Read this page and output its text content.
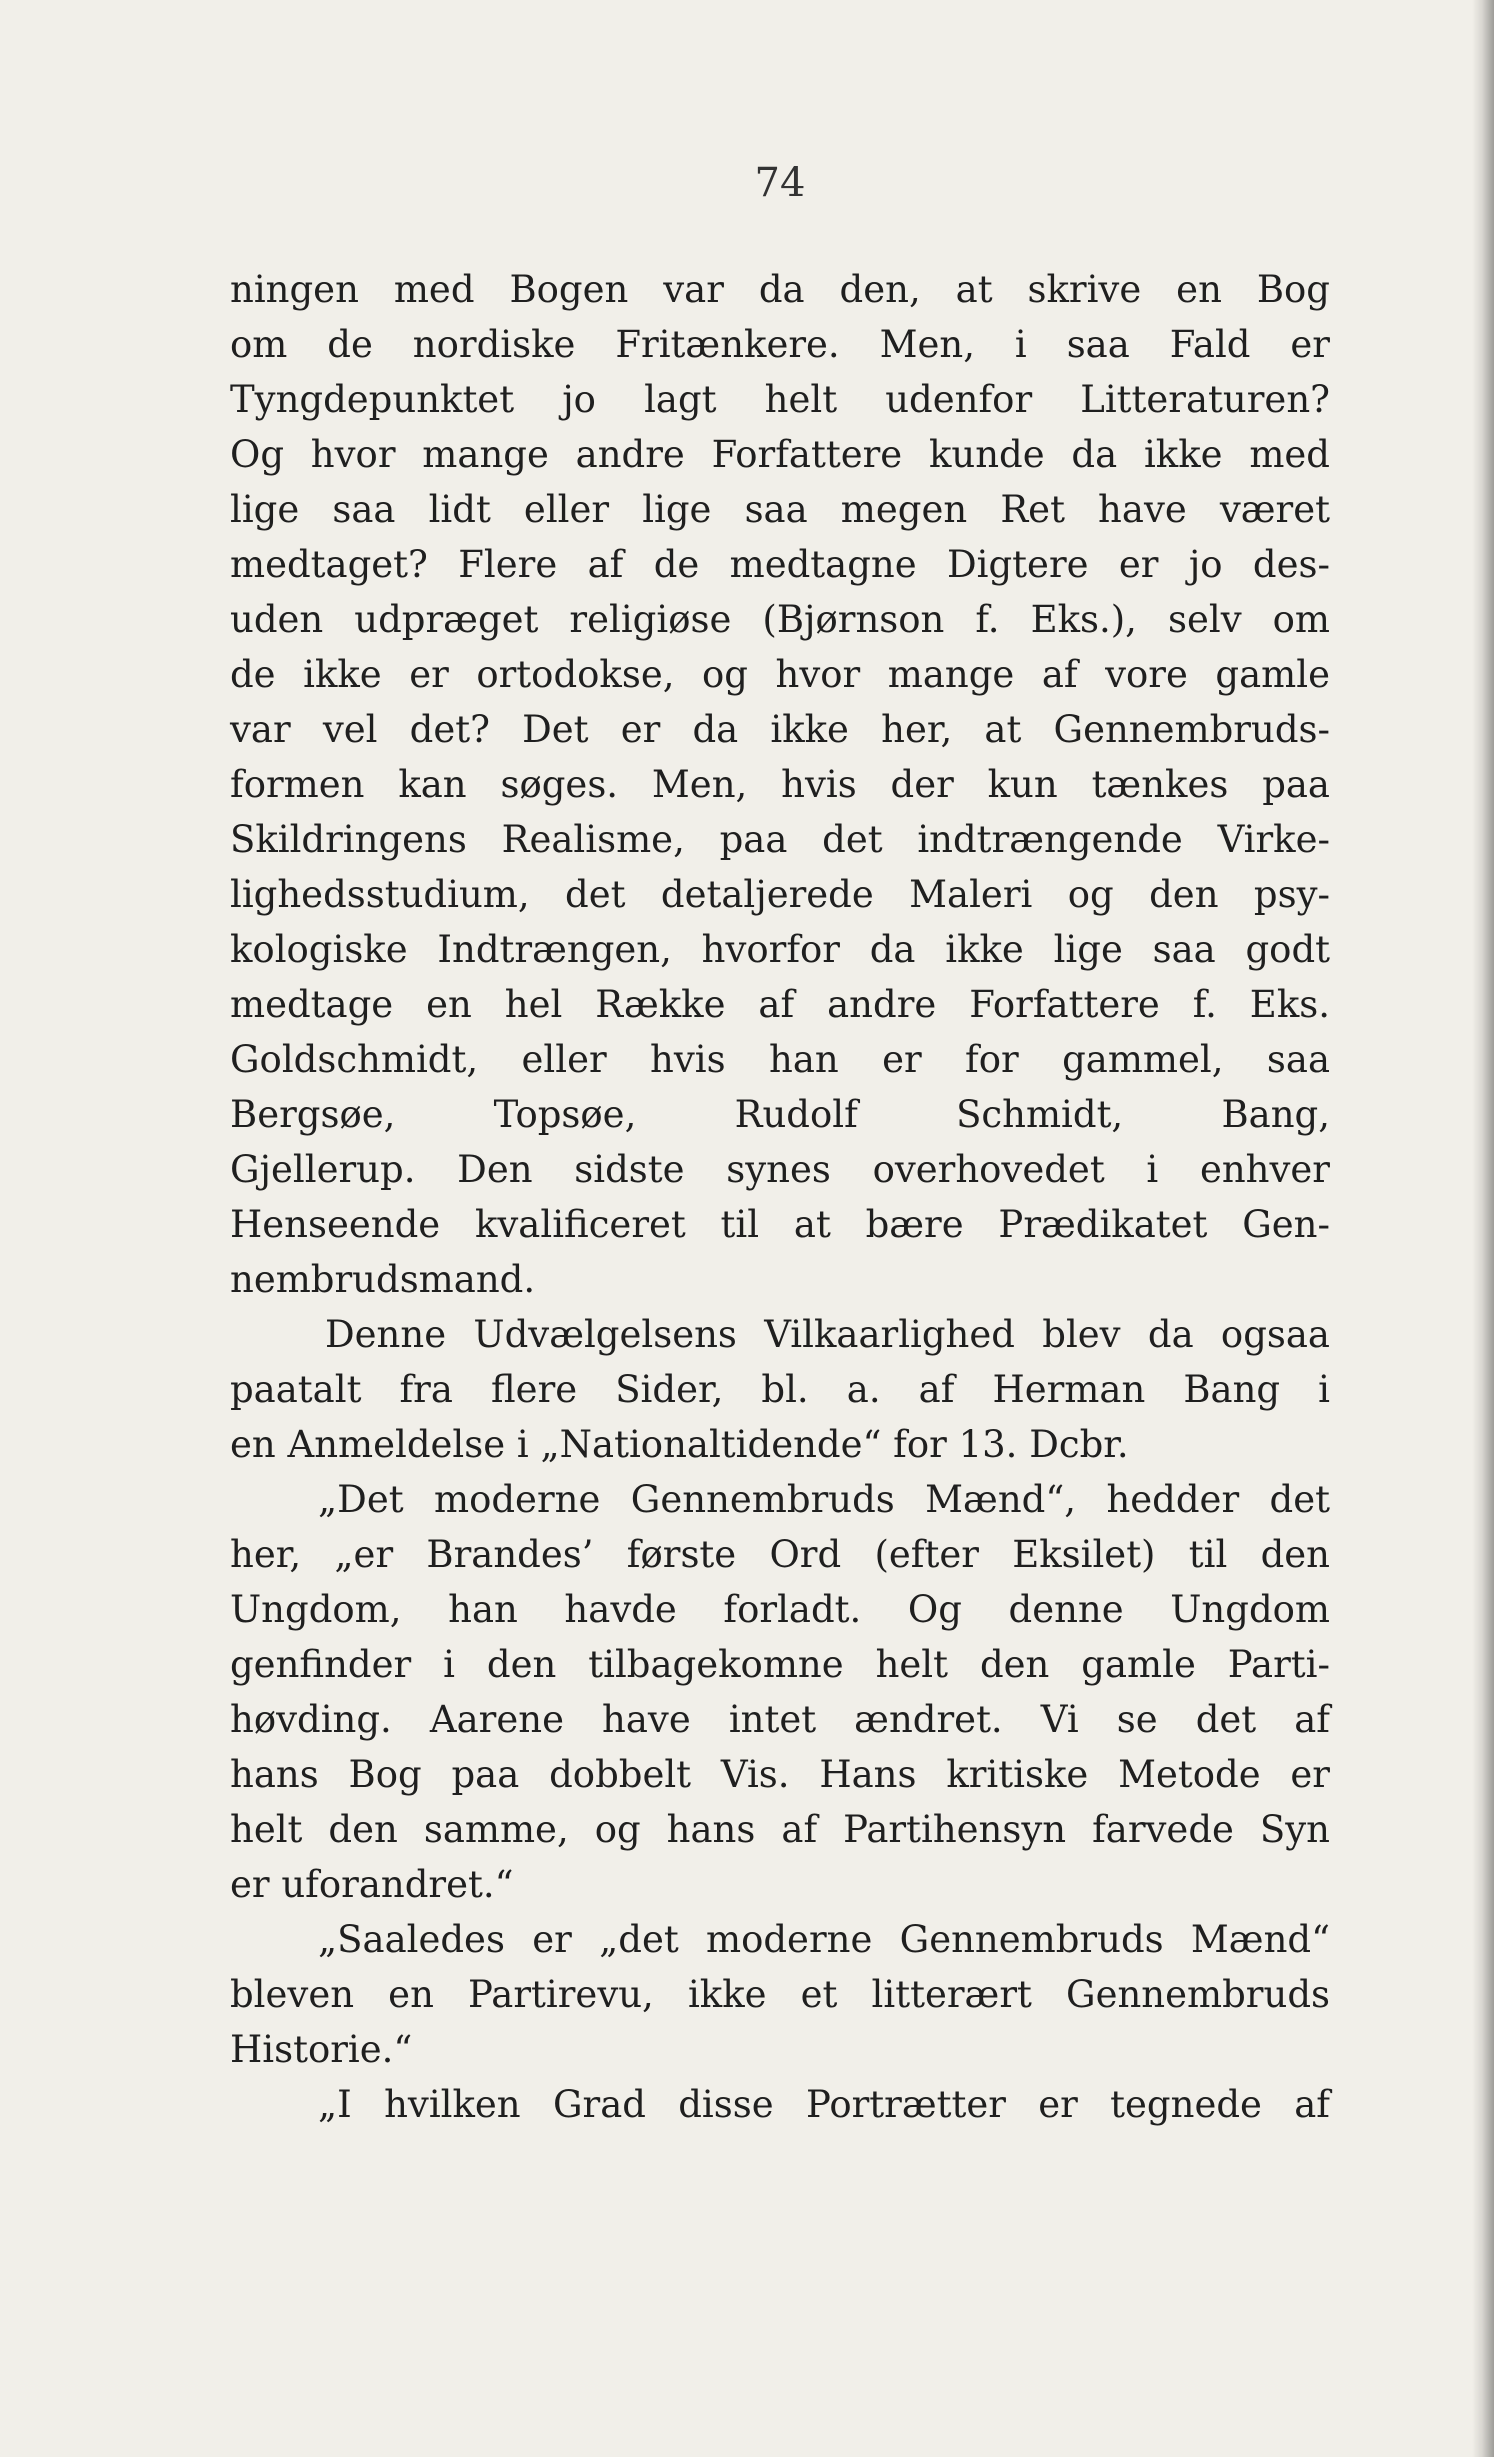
74
ningen med Bogen var da den, at skrive en Bog
om de nordiske Fritænkere. Men, i saa Fald er
Tyngdepunktet jo lagt helt udenfor Litteraturen?
Og hvor mange andre Forfattere kunde da ikke med
lige saa lidt eller lige saa megen Ret have været
medtaget? Flere af de medtagne Digtere er jo des-
uden udpræget religiøse (Bjørnson f. Eks.), selv om
de ikke er ortodokse, og hvor mange af vore gamle
var vel det? Det er da ikke her, at Gennembruds-
formen kan søges. Men, hvis der kun tænkes paa
Skildringens Realisme, paa det indtrængende Virke-
lighedsstudium, det detaljerede Maleri og den psy-
kologiske Indtrængen, hvorfor da ikke lige saa godt
medtage en hel Række af andre Forfattere f. Eks.
Goldschmidt, eller hvis han er for gammel, saa
Bergsøe, Topsøe, Rudolf Schmidt, Bang,
Gjellerup. Den sidste synes overhovedet i enhver
Henseende kvalificeret til at bære Prædikatet Gen-
nembrudsmand.
Denne Udvælgelsens Vilkaarlighed blev da ogsaa
paatalt fra flere Sider, bl. a. af Herman Bang i
en Anmeldelse i „Nationaltidende“ for 13. Dcbr.
„Det moderne Gennembruds Mænd“, hedder det
her, „er Brandes’ første Ord (efter Eksilet) til den
Ungdom, han havde forladt. Og denne Ungdom
genfinder i den tilbagekomne helt den gamle Parti-
høvding. Aarene have intet ændret. Vi se det af
hans Bog paa dobbelt Vis. Hans kritiske Metode er
helt den samme, og hans af Partihensyn farvede Syn
er uforandret.“
„Saaledes er „det moderne Gennembruds Mænd“
bleven en Partirevu, ikke et litterært Gennembruds
Historie.“
„I hvilken Grad disse Portrætter er tegnede af
